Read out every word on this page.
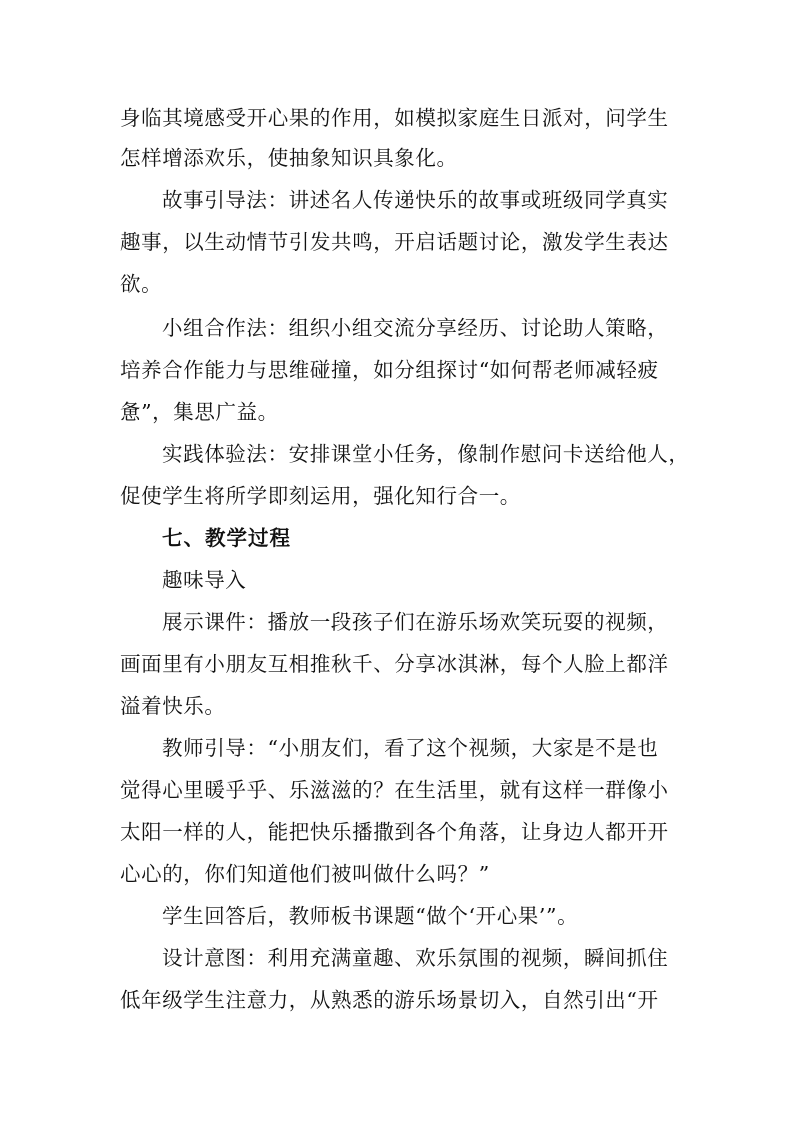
身临其境感受开心果的作用，如模拟家庭生日派对，问学生
怎样增添欢乐，使抽象知识具象化。
故事引导法：讲述名人传递快乐的故事或班级同学真实
趣事，以生动情节引发共鸣，开启话题讨论，激发学生表达
欲。
小组合作法：组织小组交流分享经历、讨论助人策略，
培养合作能力与思维碰撞，如分组探讨“如何帮老师减轻疲
惫”，集思广益。
实践体验法：安排课堂小任务，像制作慰问卡送给他人，
促使学生将所学即刻运用，强化知行合一。
七、教学过程
趣味导入
展示课件：播放一段孩子们在游乐场欢笑玩耍的视频，
画面里有小朋友互相推秋千、分享冰淇淋，每个人脸上都洋
溢着快乐。
教师引导：“小朋友们，看了这个视频，大家是不是也
觉得心里暖乎乎、乐滋滋的？在生活里，就有这样一群像小
太阳一样的人，能把快乐播撒到各个角落，让身边人都开开
心心的，你们知道他们被叫做什么吗？”
学生回答后，教师板书课题“做个‘开心果’”。
设计意图：利用充满童趣、欢乐氛围的视频，瞬间抓住
低年级学生注意力，从熟悉的游乐场景切入，自然引出“开
